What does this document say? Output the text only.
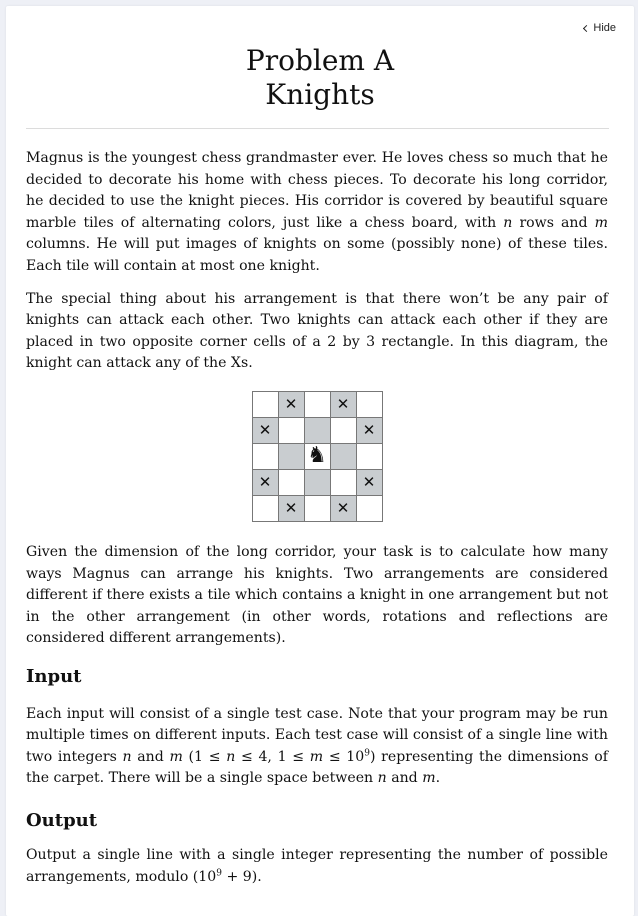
Hide
Problem A
Knights

Magnus is the youngest chess grandmaster ever. He loves chess so much that he decided to decorate his home with chess pieces. To decorate his long corridor, he decided to use the knight pieces. His corridor is covered by beautiful square marble tiles of alternating colors, just like a chess board, with n rows and m columns. He will put images of knights on some (possibly none) of these tiles. Each tile will contain at most one knight.

The special thing about his arrangement is that there won’t be any pair of knights can attack each other. Two knights can attack each other if they are placed in two opposite corner cells of a 2 by 3 rectangle. In this diagram, the knight can attack any of the Xs.

✕	✕
✕	✕
♞
✕	✕
✕	✕

Given the dimension of the long corridor, your task is to calculate how many ways Magnus can arrange his knights. Two arrangements are considered different if there exists a tile which contains a knight in one arrangement but not in the other arrangement (in other words, rotations and reflections are considered different arrangements).

Input

Each input will consist of a single test case. Note that your program may be run multiple times on different inputs. Each test case will consist of a single line with two integers n and m (1 ≤ n ≤ 4, $1 \le m \le 10^9$) representing the dimensions of the carpet. There will be a single space between n and m.

Output

Output a single line with a single integer representing the number of possible arrangements, modulo $(10^9 + 9)$.
